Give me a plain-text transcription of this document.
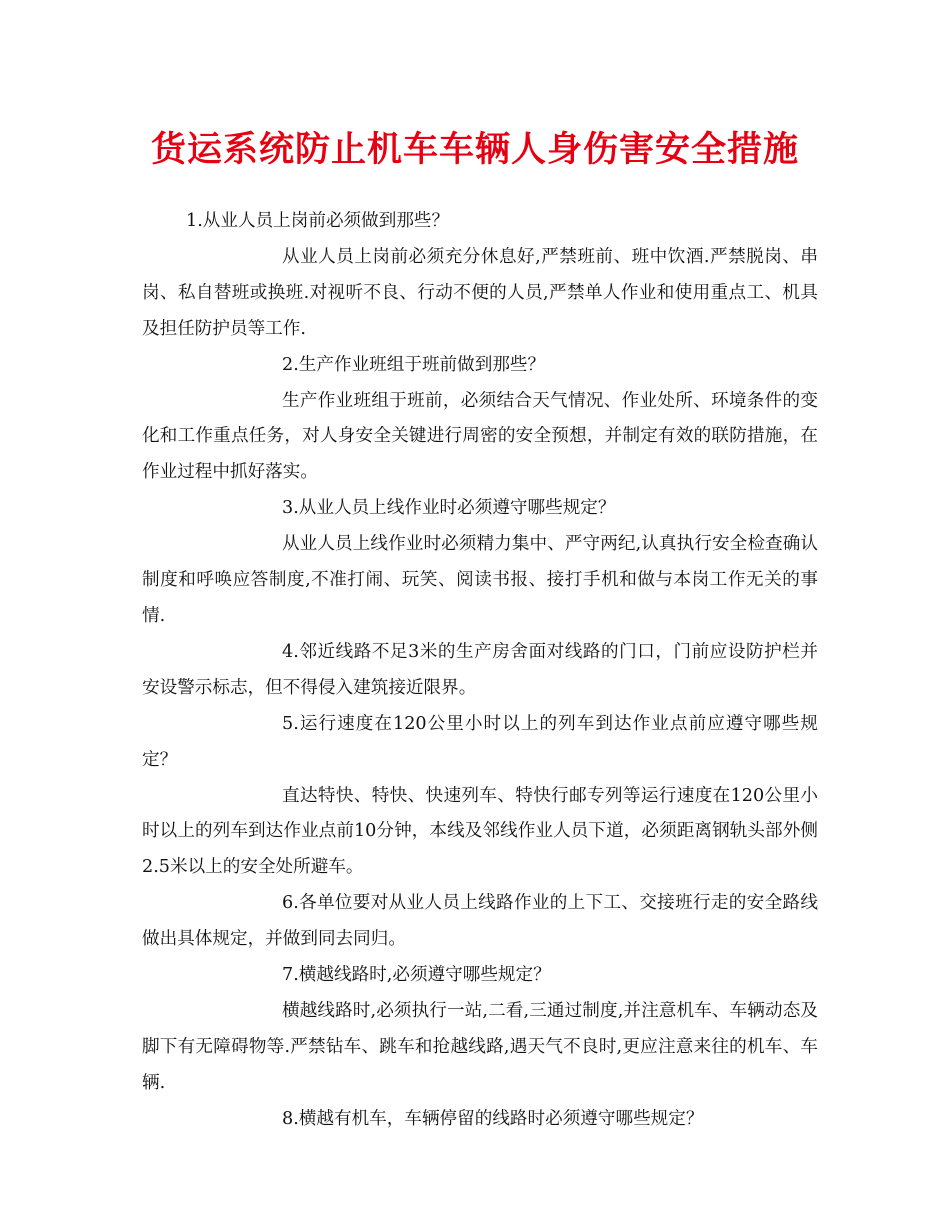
货运系统防止机车车辆人身伤害安全措施

1.从业人员上岗前必须做到那些？

从业人员上岗前必须充分休息好,严禁班前、班中饮酒.严禁脱岗、串岗、私自替班或换班.对视听不良、行动不便的人员,严禁单人作业和使用重点工、机具及担任防护员等工作.

2.生产作业班组于班前做到那些？

生产作业班组于班前，必须结合天气情况、作业处所、环境条件的变化和工作重点任务，对人身安全关键进行周密的安全预想，并制定有效的联防措施，在作业过程中抓好落实。

3.从业人员上线作业时必须遵守哪些规定？

从业人员上线作业时必须精力集中、严守两纪,认真执行安全检查确认制度和呼唤应答制度,不准打闹、玩笑、阅读书报、接打手机和做与本岗工作无关的事情.

4.邻近线路不足3米的生产房舍面对线路的门口，门前应设防护栏并安设警示标志，但不得侵入建筑接近限界。

5.运行速度在120公里小时以上的列车到达作业点前应遵守哪些规定？

直达特快、特快、快速列车、特快行邮专列等运行速度在120公里小时以上的列车到达作业点前10分钟，本线及邻线作业人员下道，必须距离钢轨头部外侧2.5米以上的安全处所避车。

6.各单位要对从业人员上线路作业的上下工、交接班行走的安全路线做出具体规定，并做到同去同归。

7.横越线路时,必须遵守哪些规定？

横越线路时,必须执行一站,二看,三通过制度,并注意机车、车辆动态及脚下有无障碍物等.严禁钻车、跳车和抢越线路,遇天气不良时,更应注意来往的机车、车辆.

8.横越有机车，车辆停留的线路时必须遵守哪些规定？
